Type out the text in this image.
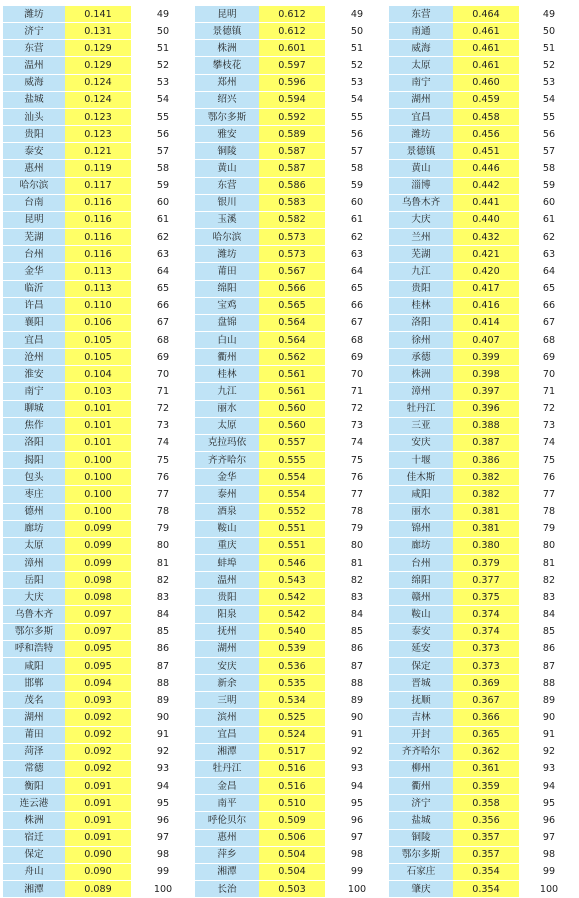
潍坊	0.141	49	昆明	0.612	49	东营	0.464	49
济宁	0.131	50	景德镇	0.612	50	南通	0.461	50
东营	0.129	51	株洲	0.601	51	威海	0.461	51
温州	0.129	52	攀枝花	0.597	52	太原	0.461	52
威海	0.124	53	郑州	0.596	53	南宁	0.460	53
盐城	0.124	54	绍兴	0.594	54	湖州	0.459	54
汕头	0.123	55	鄂尔多斯	0.592	55	宜昌	0.458	55
贵阳	0.123	56	雅安	0.589	56	潍坊	0.456	56
泰安	0.121	57	铜陵	0.587	57	景德镇	0.451	57
惠州	0.119	58	黄山	0.587	58	黄山	0.446	58
哈尔滨	0.117	59	东营	0.586	59	淄博	0.442	59
台南	0.116	60	银川	0.583	60	乌鲁木齐	0.441	60
昆明	0.116	61	玉溪	0.582	61	大庆	0.440	61
芜湖	0.116	62	哈尔滨	0.573	62	兰州	0.432	62
台州	0.116	63	潍坊	0.573	63	芜湖	0.421	63
金华	0.113	64	莆田	0.567	64	九江	0.420	64
临沂	0.113	65	绵阳	0.566	65	贵阳	0.417	65
许昌	0.110	66	宝鸡	0.565	66	桂林	0.416	66
襄阳	0.106	67	盘锦	0.564	67	洛阳	0.414	67
宜昌	0.105	68	白山	0.564	68	徐州	0.407	68
沧州	0.105	69	衢州	0.562	69	承德	0.399	69
淮安	0.104	70	桂林	0.561	70	株洲	0.398	70
南宁	0.103	71	九江	0.561	71	漳州	0.397	71
聊城	0.101	72	丽水	0.560	72	牡丹江	0.396	72
焦作	0.101	73	太原	0.560	73	三亚	0.388	73
洛阳	0.101	74	克拉玛依	0.557	74	安庆	0.387	74
揭阳	0.100	75	齐齐哈尔	0.555	75	十堰	0.386	75
包头	0.100	76	金华	0.554	76	佳木斯	0.382	76
枣庄	0.100	77	泰州	0.554	77	咸阳	0.382	77
德州	0.100	78	酒泉	0.552	78	丽水	0.381	78
廊坊	0.099	79	鞍山	0.551	79	锦州	0.381	79
太原	0.099	80	重庆	0.551	80	廊坊	0.380	80
漳州	0.099	81	蚌埠	0.546	81	台州	0.379	81
岳阳	0.098	82	温州	0.543	82	绵阳	0.377	82
大庆	0.098	83	贵阳	0.542	83	赣州	0.375	83
乌鲁木齐	0.097	84	阳泉	0.542	84	鞍山	0.374	84
鄂尔多斯	0.097	85	抚州	0.540	85	泰安	0.374	85
呼和浩特	0.095	86	湖州	0.539	86	延安	0.373	86
咸阳	0.095	87	安庆	0.536	87	保定	0.373	87
邯郸	0.094	88	新余	0.535	88	晋城	0.369	88
茂名	0.093	89	三明	0.534	89	抚顺	0.367	89
湖州	0.092	90	滨州	0.525	90	吉林	0.366	90
莆田	0.092	91	宜昌	0.524	91	开封	0.365	91
菏泽	0.092	92	湘潭	0.517	92	齐齐哈尔	0.362	92
常德	0.092	93	牡丹江	0.516	93	柳州	0.361	93
衡阳	0.091	94	金昌	0.516	94	衢州	0.359	94
连云港	0.091	95	南平	0.510	95	济宁	0.358	95
株洲	0.091	96	呼伦贝尔	0.509	96	盐城	0.356	96
宿迁	0.091	97	惠州	0.506	97	铜陵	0.357	97
保定	0.090	98	萍乡	0.504	98	鄂尔多斯	0.357	98
舟山	0.090	99	湘潭	0.504	99	石家庄	0.354	99
湘潭	0.089	100	长治	0.503	100	肇庆	0.354	100
